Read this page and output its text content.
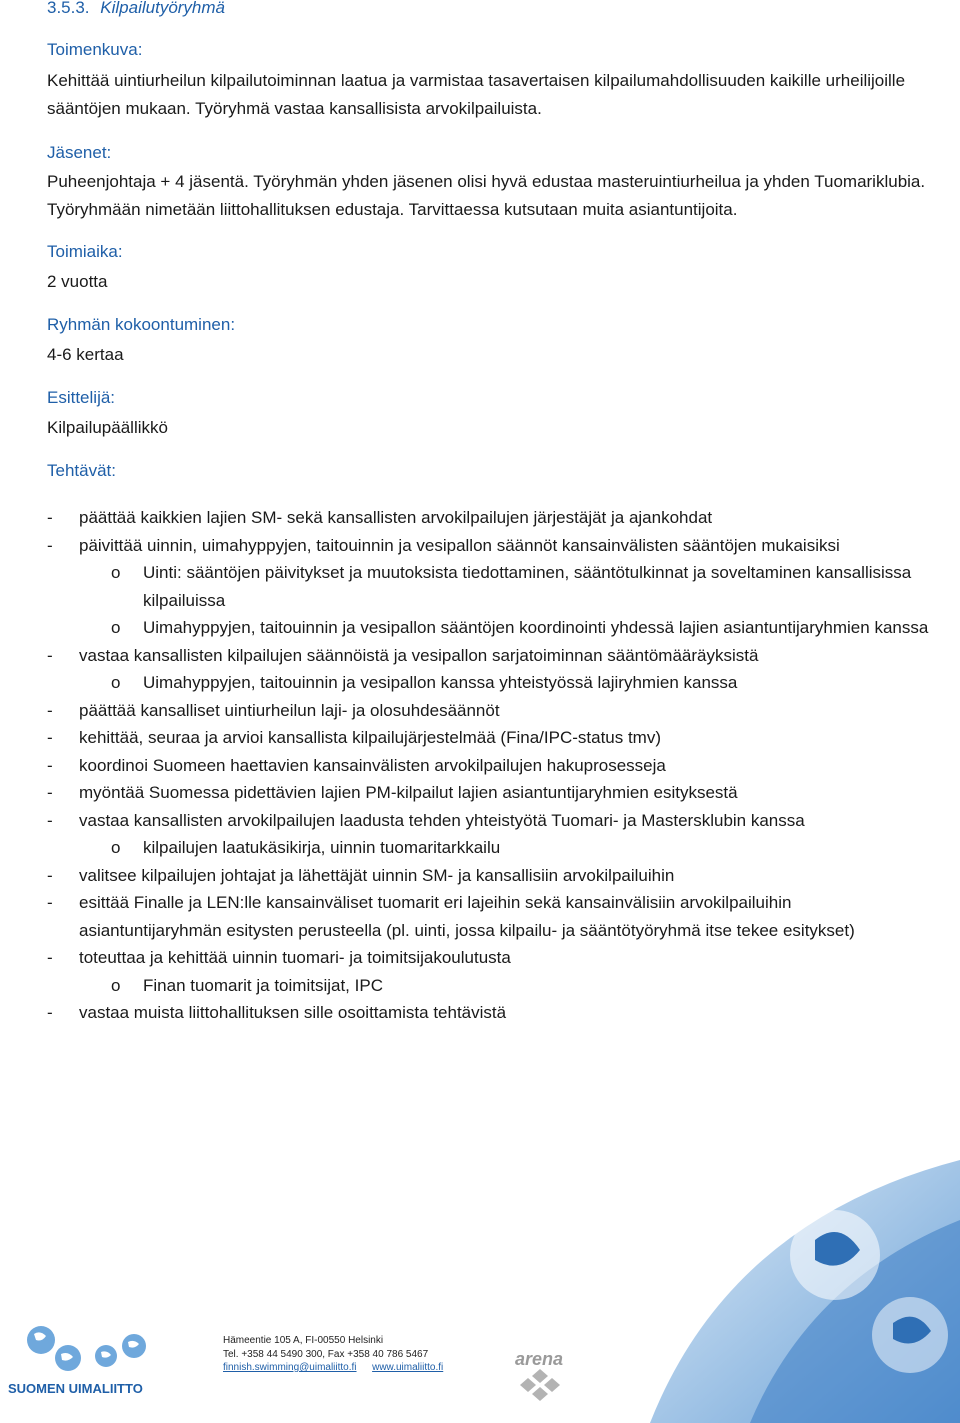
3.5.3. Kilpailutyöryhmä
Toimenkuva:
Kehittää uintiurheilun kilpailutoiminnan laatua ja varmistaa tasavertaisen kilpailumahdollisuuden kaikille urheilijoille sääntöjen mukaan. Työryhmä vastaa kansallisista arvokilpailuista.
Jäsenet:
Puheenjohtaja + 4 jäsentä. Työryhmän yhden jäsenen olisi hyvä edustaa masteruintiurheilua ja yhden Tuomariklubia. Työryhmään nimetään liittohallituksen edustaja. Tarvittaessa kutsutaan muita asiantuntijoita.
Toimiaika:
2 vuotta
Ryhmän kokoontuminen:
4-6 kertaa
Esittelijä:
Kilpailupäällikkö
Tehtävät:
- päättää kaikkien lajien SM- sekä kansallisten arvokilpailujen järjestäjät ja ajankohdat
- päivittää uinnin, uimahyppyjen, taitouinnin ja vesipallon säännöt kansainvälisten sääntöjen mukaisiksi
o Uinti: sääntöjen päivitykset ja muutoksista tiedottaminen, sääntötulkinnat ja soveltaminen kansallisissa kilpailuissa
o Uimahyppyjen, taitouinnin ja vesipallon sääntöjen koordinointi yhdessä lajien asiantuntijaryhmien kanssa
- vastaa kansallisten kilpailujen säännöistä ja vesipallon sarjatoiminnan sääntömääräyksistä
o Uimahyppyjen, taitouinnin ja vesipallon kanssa yhteistyössä lajiryhmien kanssa
- päättää kansalliset uintiurheilun laji- ja olosuhdesäännöt
- kehittää, seuraa ja arvioi kansallista kilpailujärjestelmää (Fina/IPC-status tmv)
- koordinoi Suomeen haettavien kansainvälisten arvokilpailujen hakuprosesseja
- myöntää Suomessa pidettävien lajien PM-kilpailut lajien asiantuntijaryhmien esityksestä
- vastaa kansallisten arvokilpailujen laadusta tehden yhteistyötä Tuomari- ja Mastersklubin kanssa
o kilpailujen laatukäsikirja, uinnin tuomaritarkkailu
- valitsee kilpailujen johtajat ja lähettäjät uinnin SM- ja kansallisiin arvokilpailuihin
- esittää Finalle ja LEN:lle kansainväliset tuomarit eri lajeihin sekä kansainvälisiin arvokilpailuihin asiantuntijaryhmän esitysten perusteella (pl. uinti, jossa kilpailu- ja sääntötyöryhmä itse tekee esitykset)
- toteuttaa ja kehittää uinnin tuomari- ja toimitsijakoulutusta
o Finan tuomarit ja toimitsijat, IPC
- vastaa muista liittohallituksen sille osoittamista tehtävistä
SUOMEN UIMALIITTO
Hämeentie 105 A, FI-00550 Helsinki
Tel. +358 44 5490 300, Fax +358 40 786 5467
finnish.swimming@uimaliitto.fi www.uimaliitto.fi	arena
